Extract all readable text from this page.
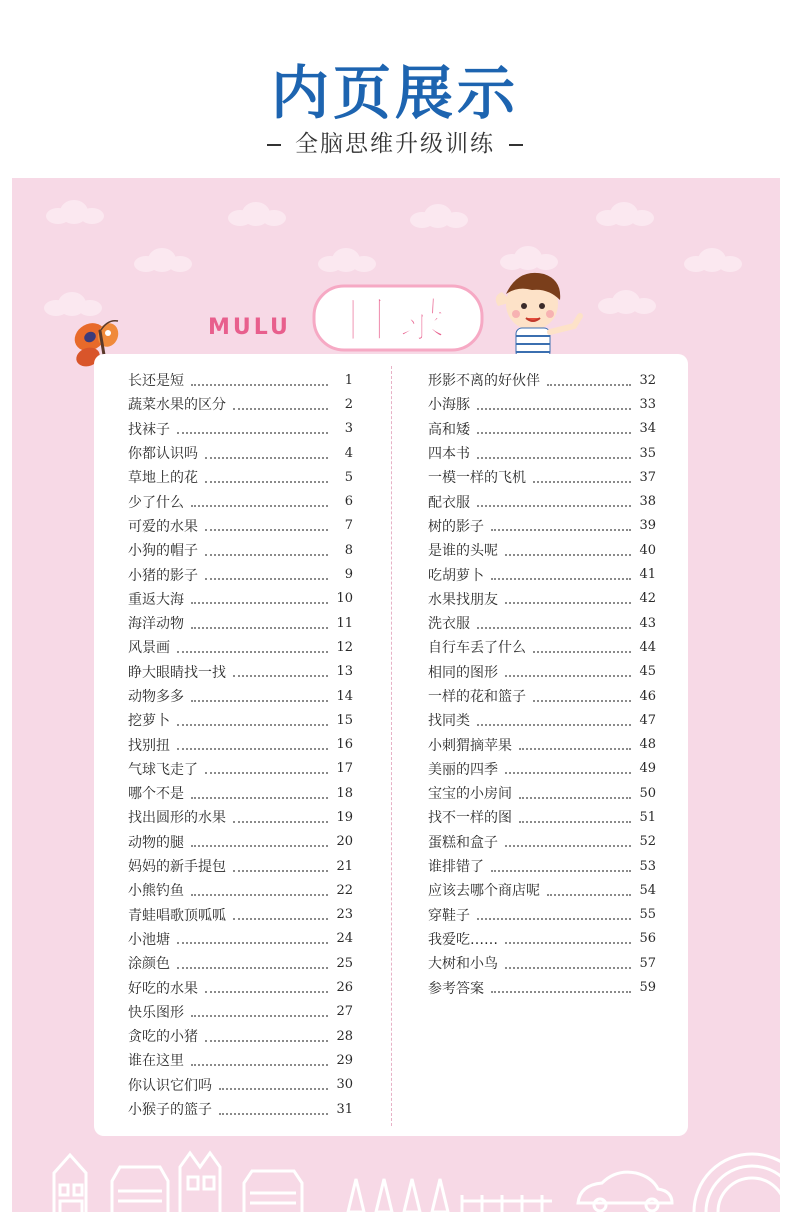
内页展示
全脑思维升级训练
MULU 目录
长还是短	1
蔬菜水果的区分	2
找袜子	3
你都认识吗	4
草地上的花	5
少了什么	6
可爱的水果	7
小狗的帽子	8
小猪的影子	9
重返大海	10
海洋动物	11
风景画	12
睁大眼睛找一找	13
动物多多	14
挖萝卜	15
找别扭	16
气球飞走了	17
哪个不是	18
找出圆形的水果	19
动物的腿	20
妈妈的新手提包	21
小熊钓鱼	22
青蛙唱歌顶呱呱	23
小池塘	24
涂颜色	25
好吃的水果	26
快乐图形	27
贪吃的小猪	28
谁在这里	29
你认识它们吗	30
小猴子的篮子	31
形影不离的好伙伴	32
小海豚	33
高和矮	34
四本书	35
一模一样的飞机	37
配衣服	38
树的影子	39
是谁的头呢	40
吃胡萝卜	41
水果找朋友	42
洗衣服	43
自行车丢了什么	44
相同的图形	45
一样的花和篮子	46
找同类	47
小刺猬摘苹果	48
美丽的四季	49
宝宝的小房间	50
找不一样的图	51
蛋糕和盒子	52
谁排错了	53
应该去哪个商店呢	54
穿鞋子	55
我爱吃……	56
大树和小鸟	57
参考答案	59
